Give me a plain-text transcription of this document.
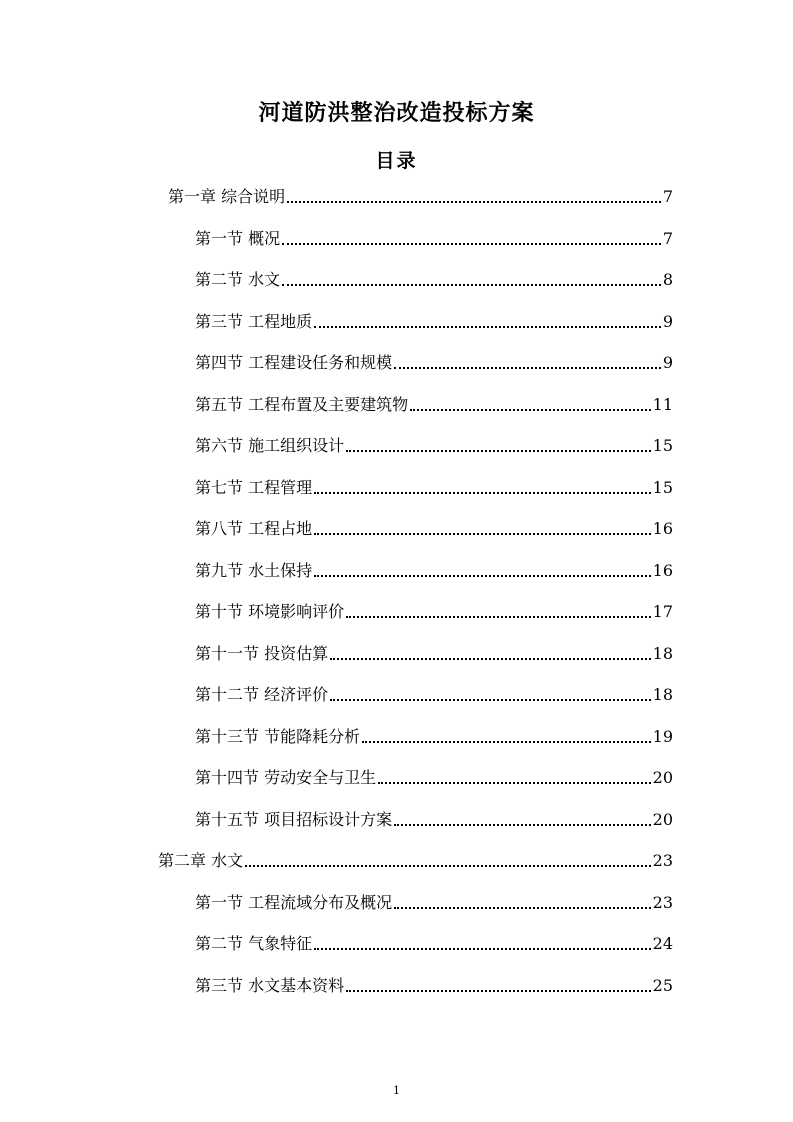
河道防洪整治改造投标方案
目录
第一章 综合说明	7
第一节 概况	7
第二节 水文	8
第三节 工程地质	9
第四节 工程建设任务和规模	9
第五节 工程布置及主要建筑物	11
第六节 施工组织设计	15
第七节 工程管理	15
第八节 工程占地	16
第九节 水土保持	16
第十节 环境影响评价	17
第十一节 投资估算	18
第十二节 经济评价	18
第十三节 节能降耗分析	19
第十四节 劳动安全与卫生	20
第十五节 项目招标设计方案	20
第二章 水文	23
第一节 工程流域分布及概况	23
第二节 气象特征	24
第三节 水文基本资料	25
1
